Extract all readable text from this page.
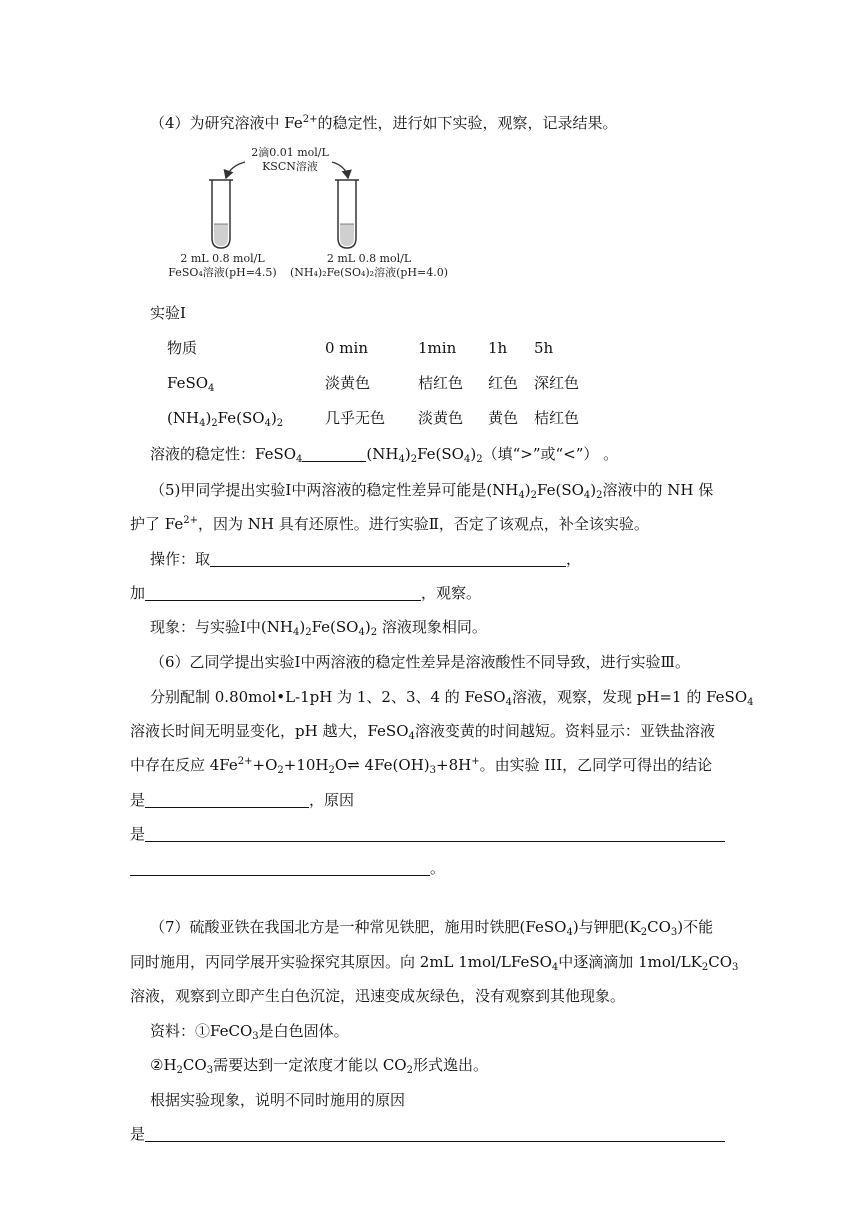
（4）为研究溶液中 $Fe^{2+}$的稳定性，进行如下实验，观察，记录结果。
2滴0.01 mol/L
KSCN溶液
2 mL 0.8 mol/L
FeSO₄溶液(pH=4.5)
2 mL 0.8 mol/L
(NH₄)₂Fe(SO₄)₂溶液(pH=4.0)
实验Ⅰ
物质	0 min	1min 1h 5h
FeSO$_4$	淡黄色	桔红色 红色 深红色
$(NH_4)_2Fe(SO_4)_2$	几乎无色 淡黄色 黄色 桔红色
溶液的稳定性：FeSO$_4$	$(NH_4)_2Fe(SO_4)_2$（填“>”或“<”） 。
（5)甲同学提出实验Ⅰ中两溶液的稳定性差异可能是$(NH_4)_2Fe(SO_4)_2$溶液中的 NH 保
护了 $Fe^{2+}$，因为 NH 具有还原性。进行实验Ⅱ，否定了该观点，补全该实验。
操作：取	，
加	，观察。
现象：与实验Ⅰ中$(NH_4)_2Fe(SO_4)_2$ 溶液现象相同。
（6）乙同学提出实验Ⅰ中两溶液的稳定性差异是溶液酸性不同导致，进行实验Ⅲ。
分别配制 0.80mol•L-1pH 为 1、2、3、4 的 FeSO$_4$溶液，观察，发现 pH=1 的 FeSO$_4$
溶液长时间无明显变化，pH 越大，FeSO$_4$溶液变黄的时间越短。资料显示：亚铁盐溶液
中存在反应 $4Fe^{2+}+O_2+10H_2O\rightleftharpoons$ $4Fe(OH)_3+8H^+$。由实验 III，乙同学可得出的结论
是	，原因
是
。
（7）硫酸亚铁在我国北方是一种常见铁肥，施用时铁肥(FeSO$_4$)与钾肥$(K_2CO_3)$不能
同时施用，丙同学展开实验探究其原因。向 2mL 1mol/LFeSO$_4$中逐滴滴加 $1mol/LK_2CO_3$
溶液，观察到立即产生白色沉淀，迅速变成灰绿色，没有观察到其他现象。
资料：①FeCO$_3$是白色固体。
$②H_2CO_3$需要达到一定浓度才能以 $CO_2$形式逸出。
根据实验现象，说明不同时施用的原因
是
